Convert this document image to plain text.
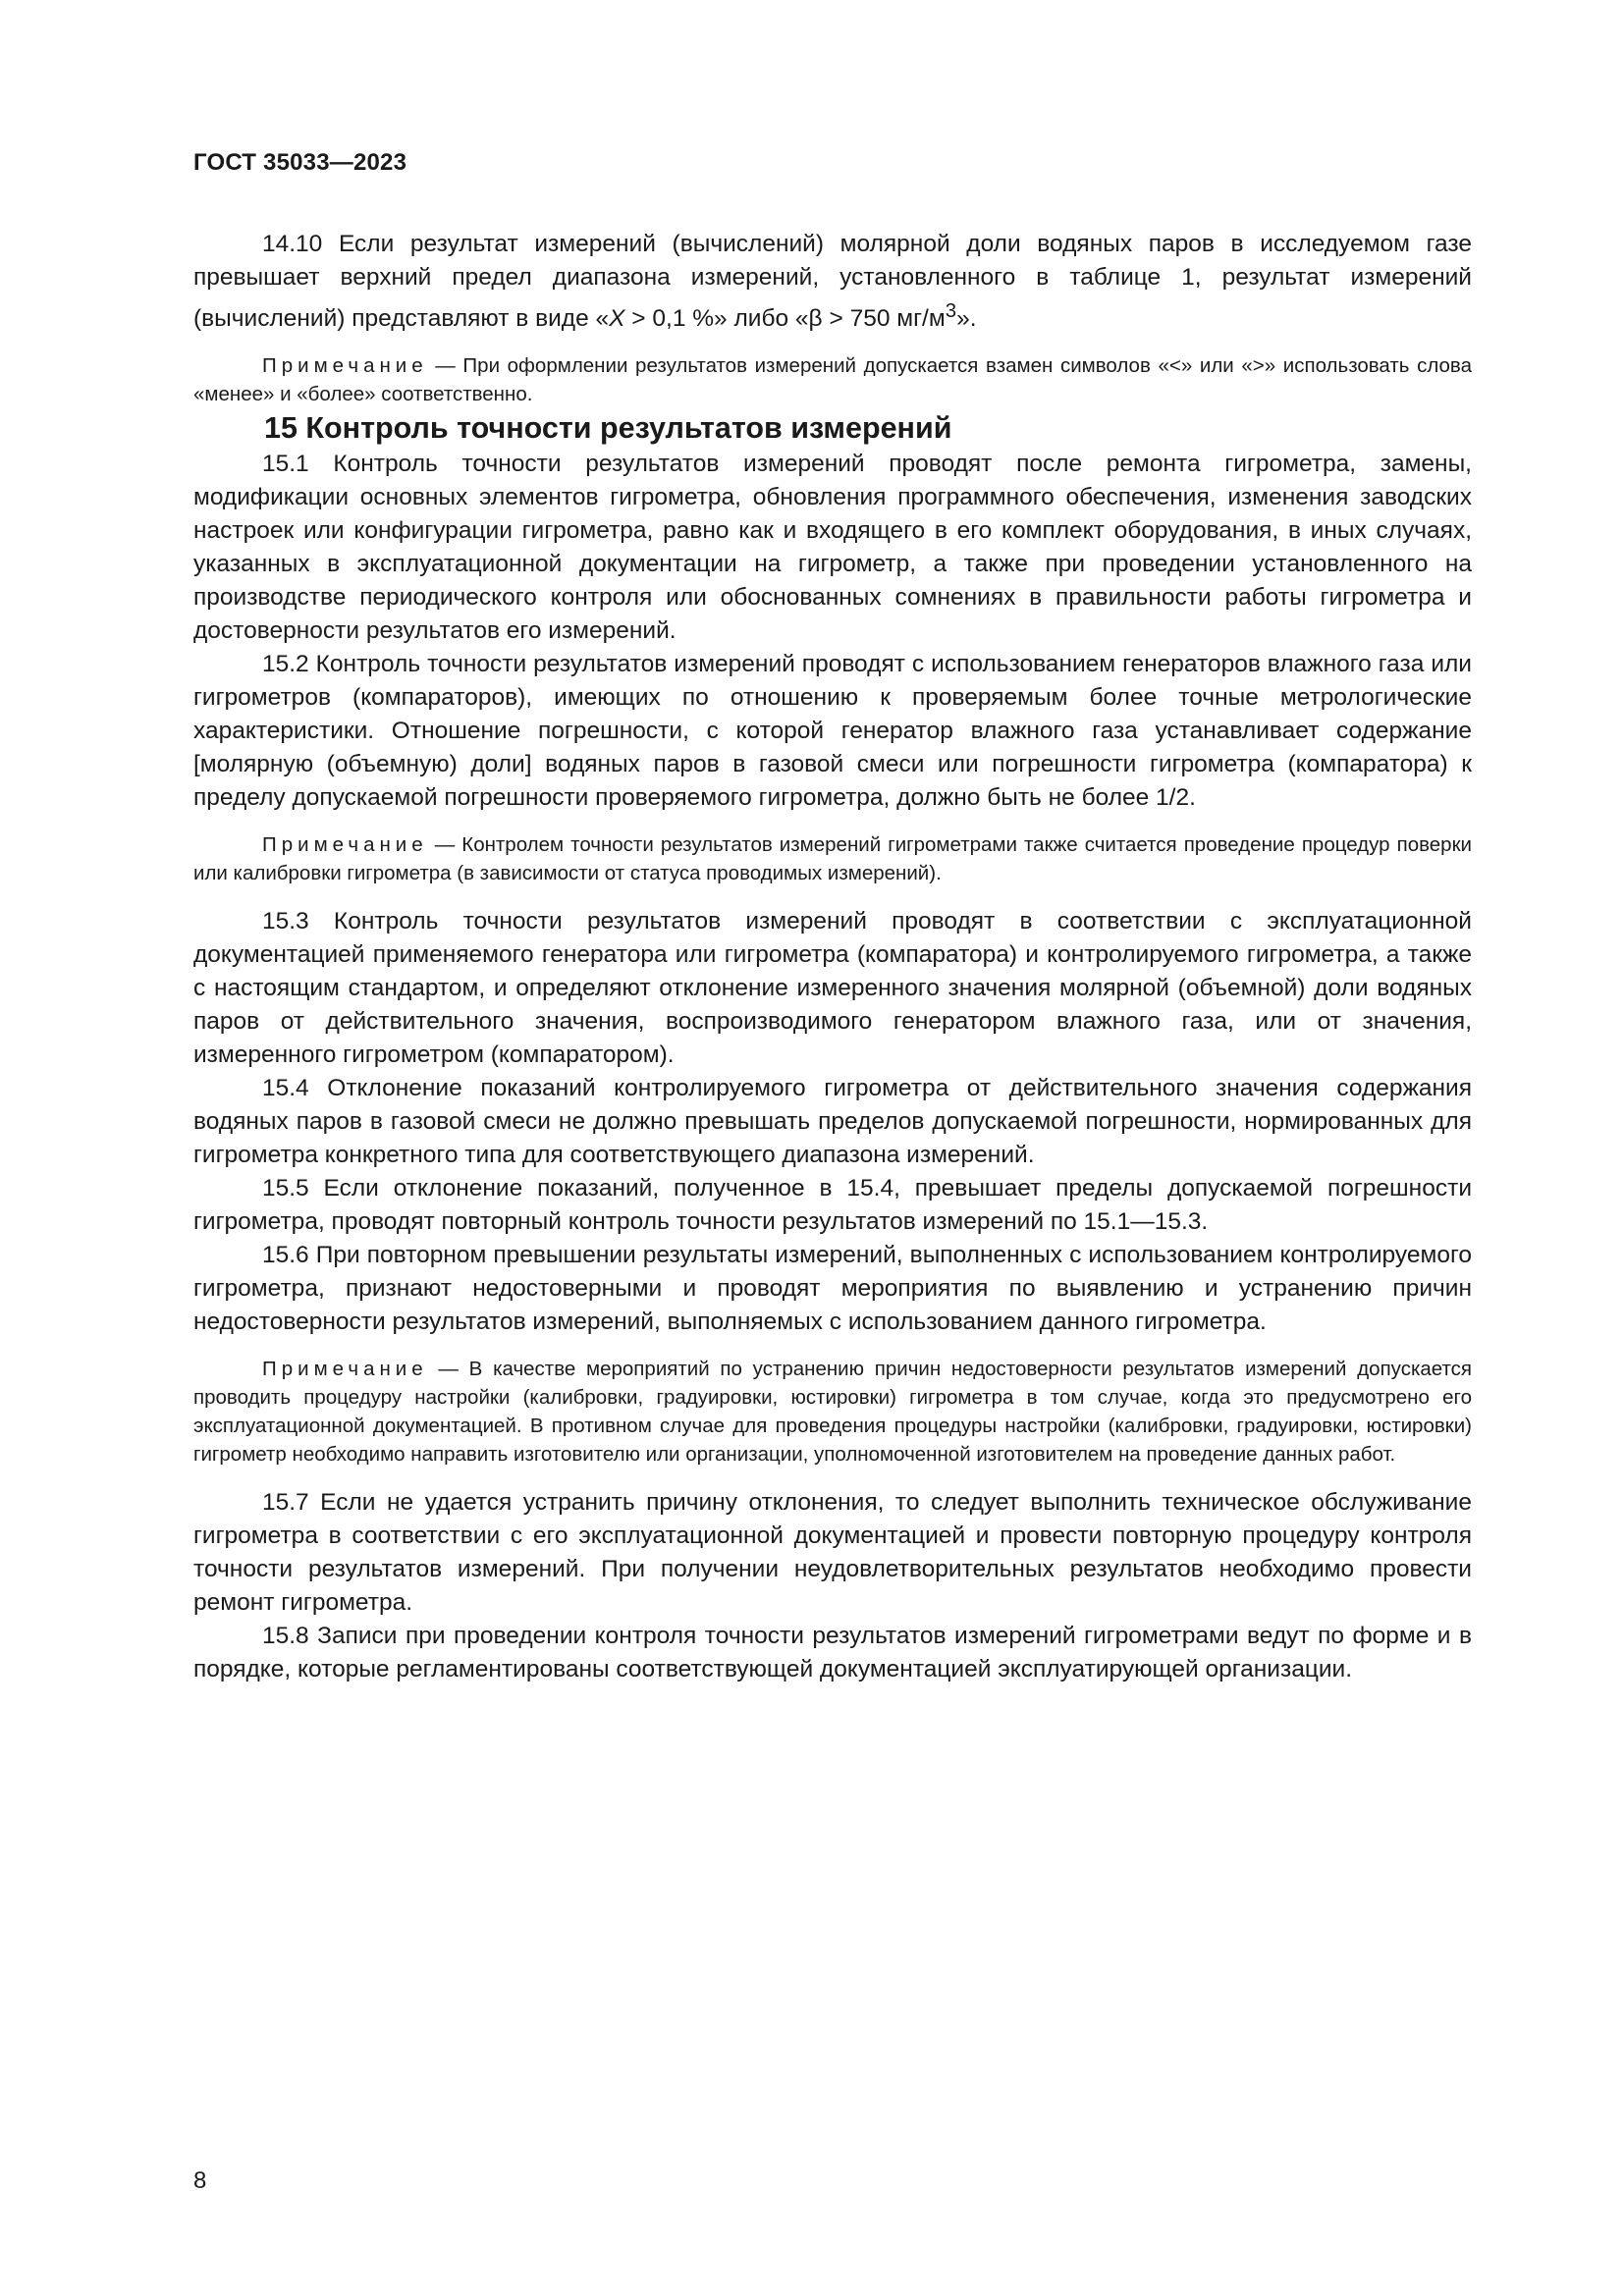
ГОСТ 35033—2023

14.10 Если результат измерений (вычислений) молярной доли водяных паров в исследуемом газе превышает верхний предел диапазона измерений, установленного в таблице 1, результат измерений (вычислений) представляют в виде «X > 0,1 %» либо «β > 750 $мг/м^3$».

Примечание — При оформлении результатов измерений допускается взамен символов «<» или «>» использовать слова «менее» и «более» соответственно.

15 Контроль точности результатов измерений

15.1 Контроль точности результатов измерений проводят после ремонта гигрометра, замены, модификации основных элементов гигрометра, обновления программного обеспечения, изменения заводских настроек или конфигурации гигрометра, равно как и входящего в его комплект оборудования, в иных случаях, указанных в эксплуатационной документации на гигрометр, а также при проведении установленного на производстве периодического контроля или обоснованных сомнениях в правильности работы гигрометра и достоверности результатов его измерений.

15.2 Контроль точности результатов измерений проводят с использованием генераторов влажного газа или гигрометров (компараторов), имеющих по отношению к проверяемым более точные метрологические характеристики. Отношение погрешности, с которой генератор влажного газа устанавливает содержание [молярную (объемную) доли] водяных паров в газовой смеси или погрешности гигрометра (компаратора) к пределу допускаемой погрешности проверяемого гигрометра, должно быть не более 1/2.

Примечание — Контролем точности результатов измерений гигрометрами также считается проведение процедур поверки или калибровки гигрометра (в зависимости от статуса проводимых измерений).

15.3 Контроль точности результатов измерений проводят в соответствии с эксплуатационной документацией применяемого генератора или гигрометра (компаратора) и контролируемого гигрометра, а также с настоящим стандартом, и определяют отклонение измеренного значения молярной (объемной) доли водяных паров от действительного значения, воспроизводимого генератором влажного газа, или от значения, измеренного гигрометром (компаратором).

15.4 Отклонение показаний контролируемого гигрометра от действительного значения содержания водяных паров в газовой смеси не должно превышать пределов допускаемой погрешности, нормированных для гигрометра конкретного типа для соответствующего диапазона измерений.

15.5 Если отклонение показаний, полученное в 15.4, превышает пределы допускаемой погрешности гигрометра, проводят повторный контроль точности результатов измерений по 15.1—15.3.

15.6 При повторном превышении результаты измерений, выполненных с использованием контролируемого гигрометра, признают недостоверными и проводят мероприятия по выявлению и устранению причин недостоверности результатов измерений, выполняемых с использованием данного гигрометра.

Примечание — В качестве мероприятий по устранению причин недостоверности результатов измерений допускается проводить процедуру настройки (калибровки, градуировки, юстировки) гигрометра в том случае, когда это предусмотрено его эксплуатационной документацией. В противном случае для проведения процедуры настройки (калибровки, градуировки, юстировки) гигрометр необходимо направить изготовителю или организации, уполномоченной изготовителем на проведение данных работ.

15.7 Если не удается устранить причину отклонения, то следует выполнить техническое обслуживание гигрометра в соответствии с его эксплуатационной документацией и провести повторную процедуру контроля точности результатов измерений. При получении неудовлетворительных результатов необходимо провести ремонт гигрометра.

15.8 Записи при проведении контроля точности результатов измерений гигрометрами ведут по форме и в порядке, которые регламентированы соответствующей документацией эксплуатирующей организации.

8
